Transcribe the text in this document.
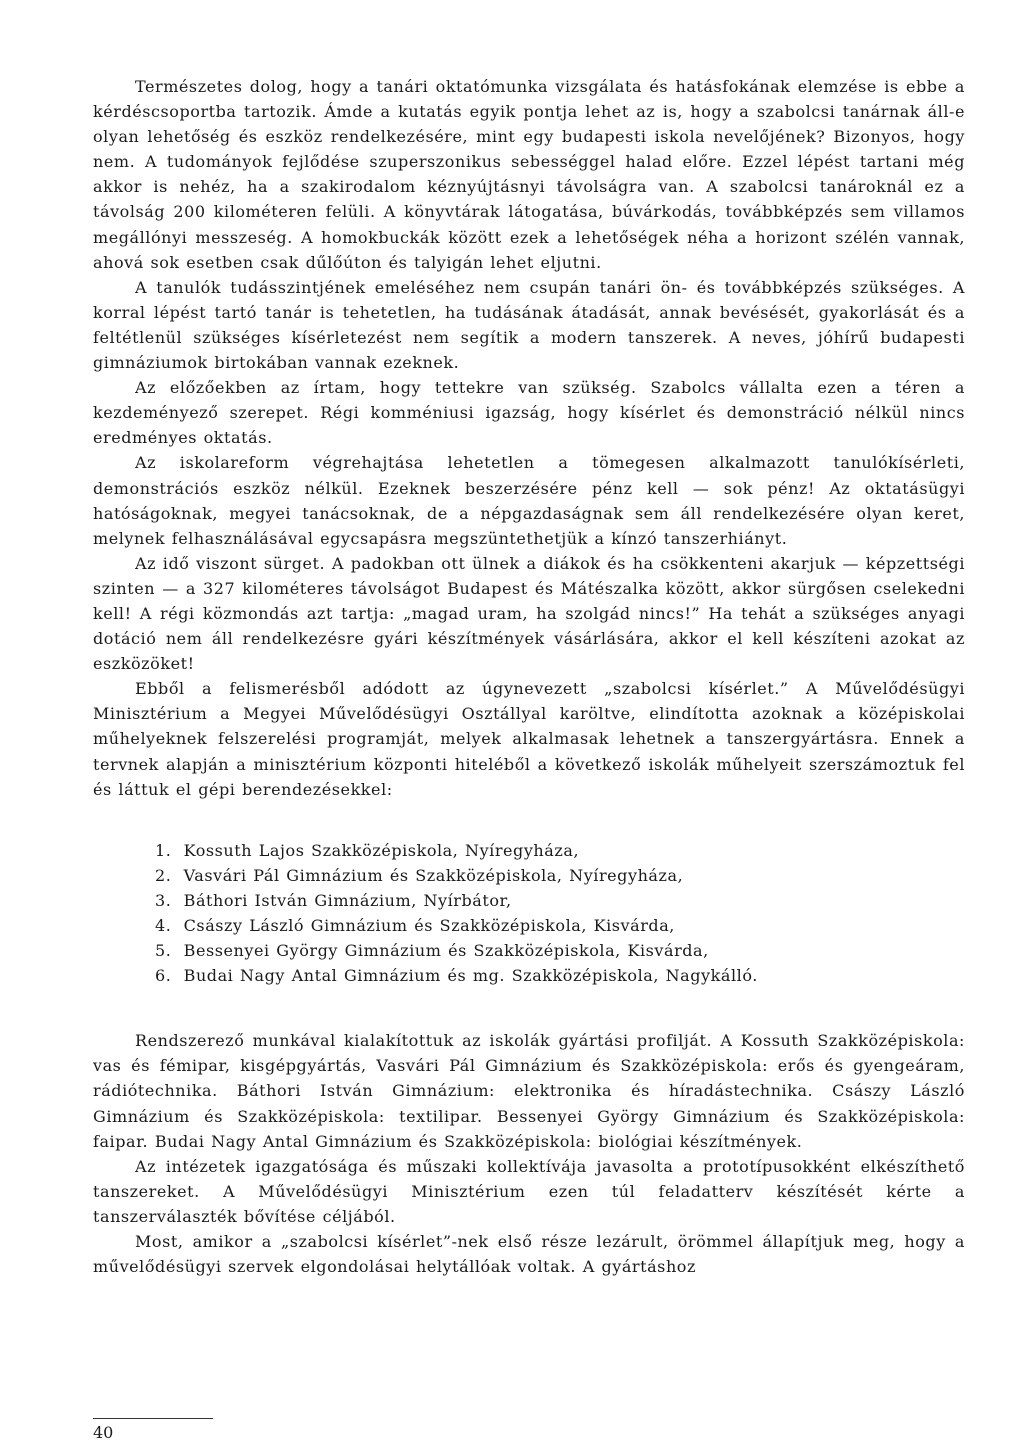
Természetes dolog, hogy a tanári oktatómunka vizsgálata és hatásfokának elemzése is ebbe a kérdéscsoportba tartozik. Ámde a kutatás egyik pontja lehet az is, hogy a szabolcsi tanárnak áll-e olyan lehetőség és eszköz rendelkezésére, mint egy budapesti iskola nevelőjének? Bizonyos, hogy nem. A tudományok fejlődése szuperszonikus sebességgel halad előre. Ezzel lépést tartani még akkor is nehéz, ha a szakirodalom kéznyújtásnyi távolságra van. A szabolcsi tanároknál ez a távolság 200 kilométeren felüli. A könyvtárak látogatása, búvárkodás, továbbképzés sem villamos megállónyi messzeség. A homokbuckák között ezek a lehetőségek néha a horizont szélén vannak, ahová sok esetben csak dűlőúton és talyigán lehet eljutni.

A tanulók tudásszintjének emeléséhez nem csupán tanári ön- és továbbképzés szükséges. A korral lépést tartó tanár is tehetetlen, ha tudásának átadását, annak bevésését, gyakorlását és a feltétlenül szükséges kísérletezést nem segítik a modern tanszerek. A neves, jóhírű budapesti gimnáziumok birtokában vannak ezeknek.

Az előzőekben az írtam, hogy tettekre van szükség. Szabolcs vállalta ezen a téren a kezdeményező szerepet. Régi komméniusi igazság, hogy kísérlet és demonstráció nélkül nincs eredményes oktatás.

Az iskolareform végrehajtása lehetetlen a tömegesen alkalmazott tanulókísérleti, demonstrációs eszköz nélkül. Ezeknek beszerzésére pénz kell — sok pénz! Az oktatásügyi hatóságoknak, megyei tanácsoknak, de a népgazdaságnak sem áll rendelkezésére olyan keret, melynek felhasználásával egycsapásra megszüntethetjük a kínzó tanszerhiányt.

Az idő viszont sürget. A padokban ott ülnek a diákok és ha csökkenteni akarjuk — képzettségi szinten — a 327 kilométeres távolságot Budapest és Mátészalka között, akkor sürgősen cselekedni kell! A régi közmondás azt tartja: „magad uram, ha szolgád nincs!” Ha tehát a szükséges anyagi dotáció nem áll rendelkezésre gyári készítmények vásárlására, akkor el kell készíteni azokat az eszközöket!

Ebből a felismerésből adódott az úgynevezett „szabolcsi kísérlet.” A Művelődésügyi Minisztérium a Megyei Művelődésügyi Osztállyal karöltve, elindította azoknak a középiskolai műhelyeknek felszerelési programját, melyek alkalmasak lehetnek a tanszergyártásra. Ennek a tervnek alapján a minisztérium központi hiteléből a következő iskolák műhelyeit szerszámoztuk fel és láttuk el gépi berendezésekkel:

1. Kossuth Lajos Szakközépiskola, Nyíregyháza,
2. Vasvári Pál Gimnázium és Szakközépiskola, Nyíregyháza,
3. Báthori István Gimnázium, Nyírbátor,
4. Császy László Gimnázium és Szakközépiskola, Kisvárda,
5. Bessenyei György Gimnázium és Szakközépiskola, Kisvárda,
6. Budai Nagy Antal Gimnázium és mg. Szakközépiskola, Nagykálló.

Rendszerező munkával kialakítottuk az iskolák gyártási profilját. A Kossuth Szakközépiskola: vas és fémipar, kisgépgyártás, Vasvári Pál Gimnázium és Szakközépiskola: erős és gyengeáram, rádiótechnika. Báthori István Gimnázium: elektronika és híradástechnika. Császy László Gimnázium és Szakközépiskola: textilipar. Bessenyei György Gimnázium és Szakközépiskola: faipar. Budai Nagy Antal Gimnázium és Szakközépiskola: biológiai készítmények.

Az intézetek igazgatósága és műszaki kollektívája javasolta a prototípusokként elkészíthető tanszereket. A Művelődésügyi Minisztérium ezen túl feladatterv készítését kérte a tanszerválaszték bővítése céljából.

Most, amikor a „szabolcsi kísérlet”-nek első része lezárult, örömmel állapítjuk meg, hogy a művelődésügyi szervek elgondolásai helytállóak voltak. A gyártáshoz

40
